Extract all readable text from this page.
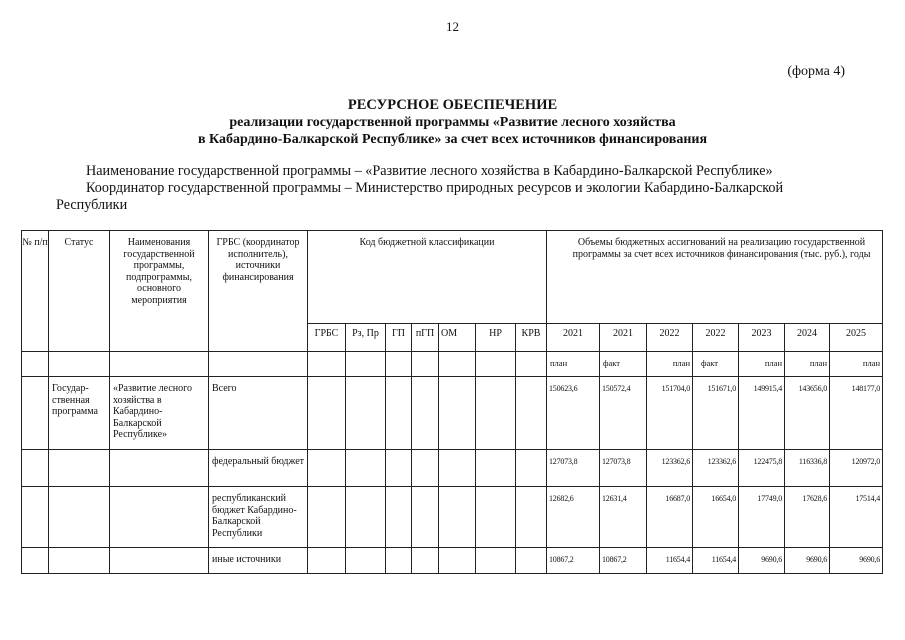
12
(форма 4)
РЕСУРСНОЕ ОБЕСПЕЧЕНИЕ
реализации государственной программы «Развитие лесного хозяйства
в Кабардино-Балкарской Республике» за счет всех источников финансирования
Наименование государственной программы – «Развитие лесного хозяйства в Кабардино-Балкарской Республике»
Координатор государственной программы – Министерство природных ресурсов и экологии Кабардино-Балкарской
Республики
№ п/п	Статус	Наименования государственной программы, подпрограммы, основного мероприятия	ГРБС (координатор исполнитель), источники финансирования	Код бюджетной классификации							Объемы бюджетных ассигнований на реализацию государственной программы за счет всех источников финансирования (тыс. руб.), годы						
				ГРБС	Рз, Пр	ГП	пГП	ОМ	НР	КРВ	2021	2021	2022	2022	2023	2024	2025
											план	факт	план	факт	план	план	план
	Государ-ственная программа	«Развитие лесного хозяйства в Кабардино-Балкарской Республике»	Всего								150623,6	150572,4	151704,0	151671,0	149915,4	143656,0	148177,0
			федеральный бюджет								127073,8	127073,8	123362,6	123362,6	122475,8	116336,8	120972,0
			республиканский бюджет Кабардино-Балкарской Республики								12682,6	12631,4	16687,0	16654,0	17749,0	17628,6	17514,4
			иные источники								10867,2	10867,2	11654,4	11654,4	9690,6	9690,6	9690,6
